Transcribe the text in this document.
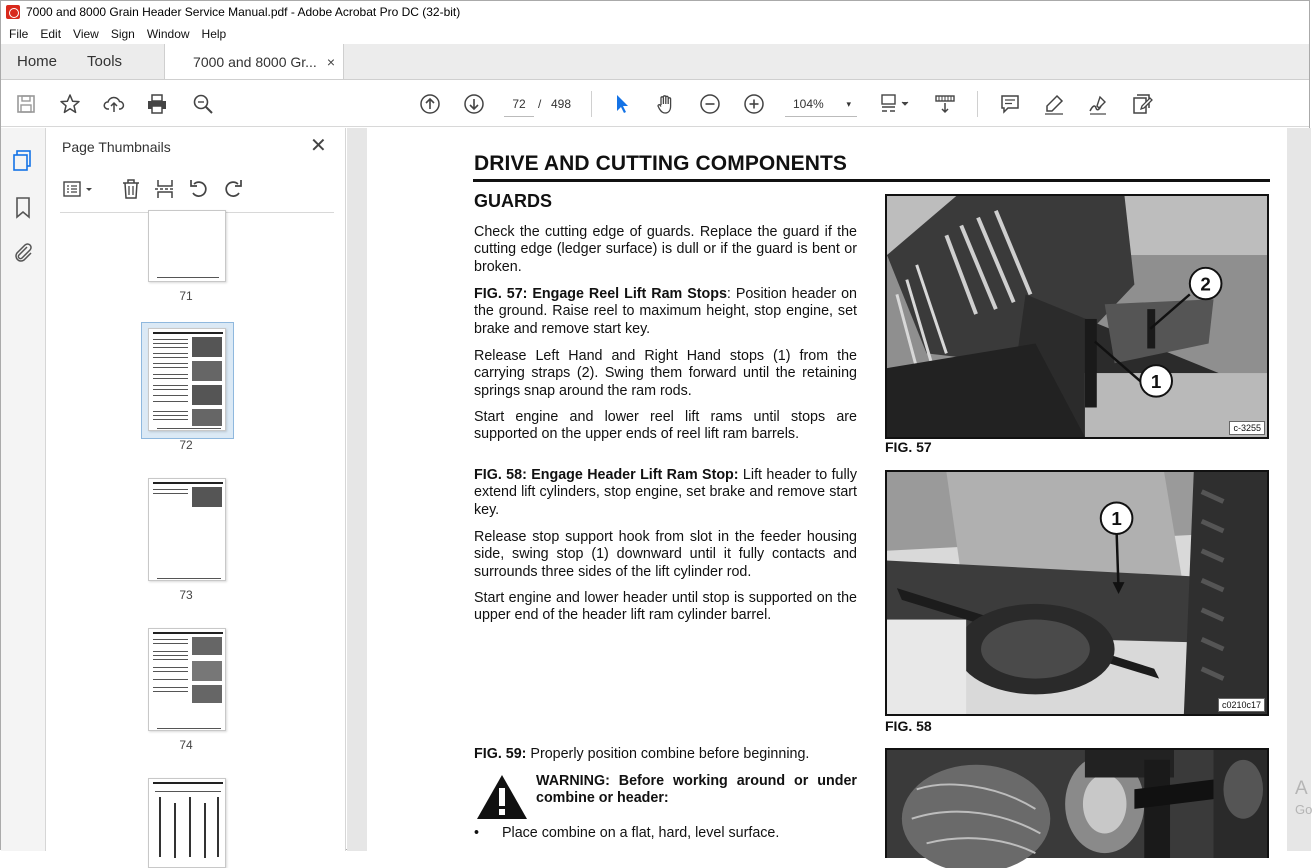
7000 and 8000 Grain Header Service Manual.pdf - Adobe Acrobat Pro DC (32-bit)
File	Edit	View	Sign	Window	Help
Home	Tools	7000 and 8000 Gr... ×
72	/ 498	104%	▾
Page Thumbnails	✕
71
72
73
74
DRIVE AND CUTTING COMPONENTS
GUARDS
Check the cutting edge of guards. Replace the guard if the cutting edge (ledger surface) is dull or if the guard is bent or broken.
FIG. 57: Engage Reel Lift Ram Stops: Position header on the ground. Raise reel to maximum height, stop engine, set brake and remove start key.
Release Left Hand and Right Hand stops (1) from the carrying straps (2). Swing them forward until the retaining springs snap around the ram rods.
Start engine and lower reel lift rams until stops are supported on the upper ends of reel lift ram barrels.
FIG. 58: Engage Header Lift Ram Stop: Lift header to fully extend lift cylinders, stop engine, set brake and remove start key.
Release stop support hook from slot in the feeder housing side, swing stop (1) downward until it fully contacts and surrounds three sides of the lift cylinder rod.
Start engine and lower header until stop is supported on the upper end of the header lift ram cylinder barrel.
FIG. 59: Properly position combine before beginning.
WARNING: Before working around or under combine or header:
• Place combine on a flat, hard, level surface.
1
2
c-3255
FIG. 57
1
c0210c17
FIG. 58
A
Go
